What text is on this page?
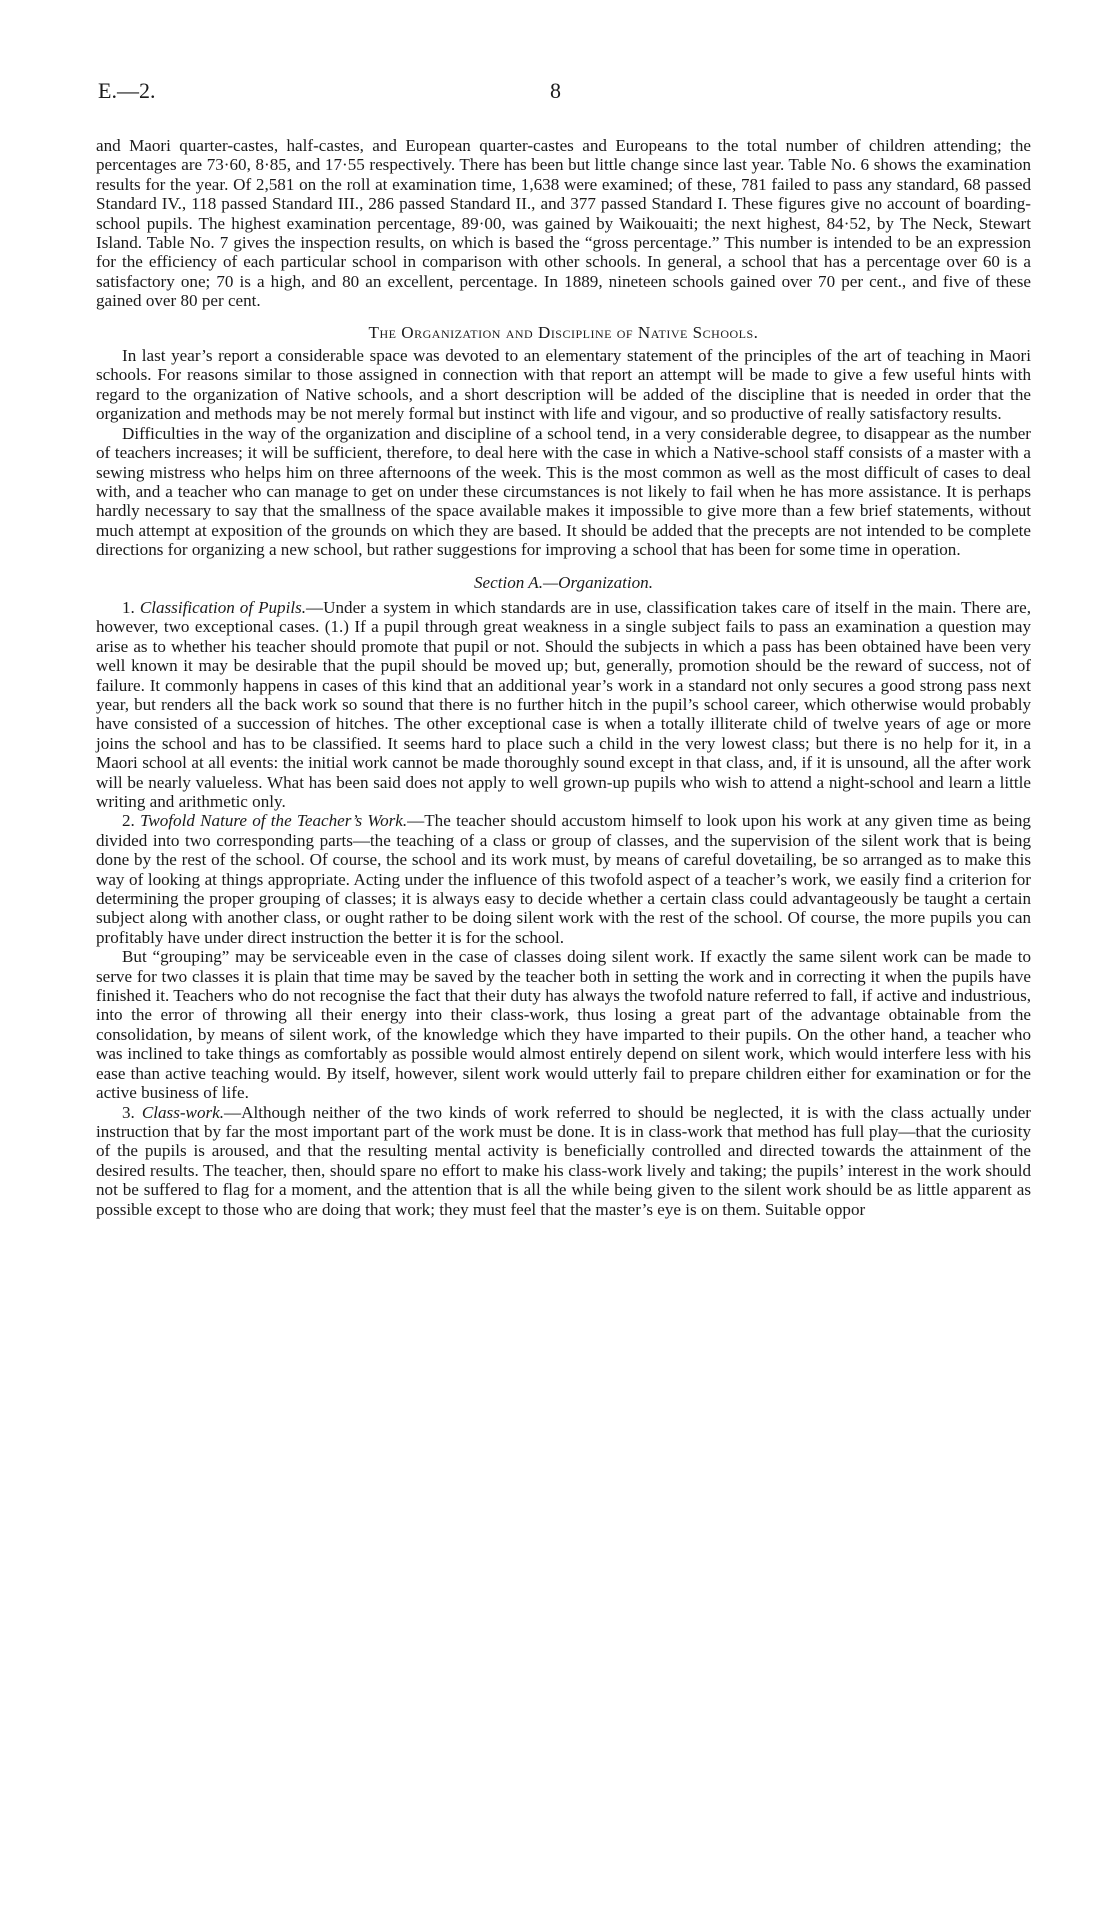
E.—2.	8

and Maori quarter-castes, half-castes, and European quarter-castes and Europeans to the total number of children attending; the percentages are 73·60, 8·85, and 17·55 respectively. There has been but little change since last year. Table No. 6 shows the examination results for the year. Of 2,581 on the roll at examination time, 1,638 were examined; of these, 781 failed to pass any standard, 68 passed Standard IV., 118 passed Standard III., 286 passed Standard II., and 377 passed Standard I. These figures give no account of boarding-school pupils. The highest examination percentage, 89·00, was gained by Waikouaiti; the next highest, 84·52, by The Neck, Stewart Island. Table No. 7 gives the inspection results, on which is based the “gross percentage.” This number is intended to be an expression for the efficiency of each particular school in comparison with other schools. In general, a school that has a percentage over 60 is a satisfactory one; 70 is a high, and 80 an excellent, percentage. In 1889, nineteen schools gained over 70 per cent., and five of these gained over 80 per cent.

The Organization and Discipline of Native Schools.

In last year’s report a considerable space was devoted to an elementary statement of the principles of the art of teaching in Maori schools. For reasons similar to those assigned in connection with that report an attempt will be made to give a few useful hints with regard to the organization of Native schools, and a short description will be added of the discipline that is needed in order that the organization and methods may be not merely formal but instinct with life and vigour, and so productive of really satisfactory results.

Difficulties in the way of the organization and discipline of a school tend, in a very considerable degree, to disappear as the number of teachers increases; it will be sufficient, therefore, to deal here with the case in which a Native-school staff consists of a master with a sewing mistress who helps him on three afternoons of the week. This is the most common as well as the most difficult of cases to deal with, and a teacher who can manage to get on under these circumstances is not likely to fail when he has more assistance. It is perhaps hardly necessary to say that the smallness of the space available makes it impossible to give more than a few brief statements, without much attempt at exposition of the grounds on which they are based. It should be added that the precepts are not intended to be complete directions for organizing a new school, but rather suggestions for improving a school that has been for some time in operation.

Section A.—Organization.

1. Classification of Pupils.—Under a system in which standards are in use, classification takes care of itself in the main. There are, however, two exceptional cases. (1.) If a pupil through great weakness in a single subject fails to pass an examination a question may arise as to whether his teacher should promote that pupil or not. Should the subjects in which a pass has been obtained have been very well known it may be desirable that the pupil should be moved up; but, generally, promotion should be the reward of success, not of failure. It commonly happens in cases of this kind that an additional year’s work in a standard not only secures a good strong pass next year, but renders all the back work so sound that there is no further hitch in the pupil’s school career, which otherwise would probably have consisted of a succession of hitches. The other exceptional case is when a totally illiterate child of twelve years of age or more joins the school and has to be classified. It seems hard to place such a child in the very lowest class; but there is no help for it, in a Maori school at all events: the initial work cannot be made thoroughly sound except in that class, and, if it is unsound, all the after work will be nearly valueless. What has been said does not apply to well grown-up pupils who wish to attend a night-school and learn a little writing and arithmetic only.

2. Twofold Nature of the Teacher’s Work.—The teacher should accustom himself to look upon his work at any given time as being divided into two corresponding parts—the teaching of a class or group of classes, and the supervision of the silent work that is being done by the rest of the school. Of course, the school and its work must, by means of careful dovetailing, be so arranged as to make this way of looking at things appropriate. Acting under the influence of this twofold aspect of a teacher’s work, we easily find a criterion for determining the proper grouping of classes; it is always easy to decide whether a certain class could advantageously be taught a certain subject along with another class, or ought rather to be doing silent work with the rest of the school. Of course, the more pupils you can profitably have under direct instruction the better it is for the school.

But “grouping” may be serviceable even in the case of classes doing silent work. If exactly the same silent work can be made to serve for two classes it is plain that time may be saved by the teacher both in setting the work and in correcting it when the pupils have finished it. Teachers who do not recognise the fact that their duty has always the twofold nature referred to fall, if active and industrious, into the error of throwing all their energy into their class-work, thus losing a great part of the advantage obtainable from the consolidation, by means of silent work, of the knowledge which they have imparted to their pupils. On the other hand, a teacher who was inclined to take things as comfortably as possible would almost entirely depend on silent work, which would interfere less with his ease than active teaching would. By itself, however, silent work would utterly fail to prepare children either for examination or for the active business of life.

3. Class-work.—Although neither of the two kinds of work referred to should be neglected, it is with the class actually under instruction that by far the most important part of the work must be done. It is in class-work that method has full play—that the curiosity of the pupils is aroused, and that the resulting mental activity is beneficially controlled and directed towards the attainment of the desired results. The teacher, then, should spare no effort to make his class-work lively and taking; the pupils’ interest in the work should not be suffered to flag for a moment, and the attention that is all the while being given to the silent work should be as little apparent as possible except to those who are doing that work; they must feel that the master’s eye is on them. Suitable oppor
